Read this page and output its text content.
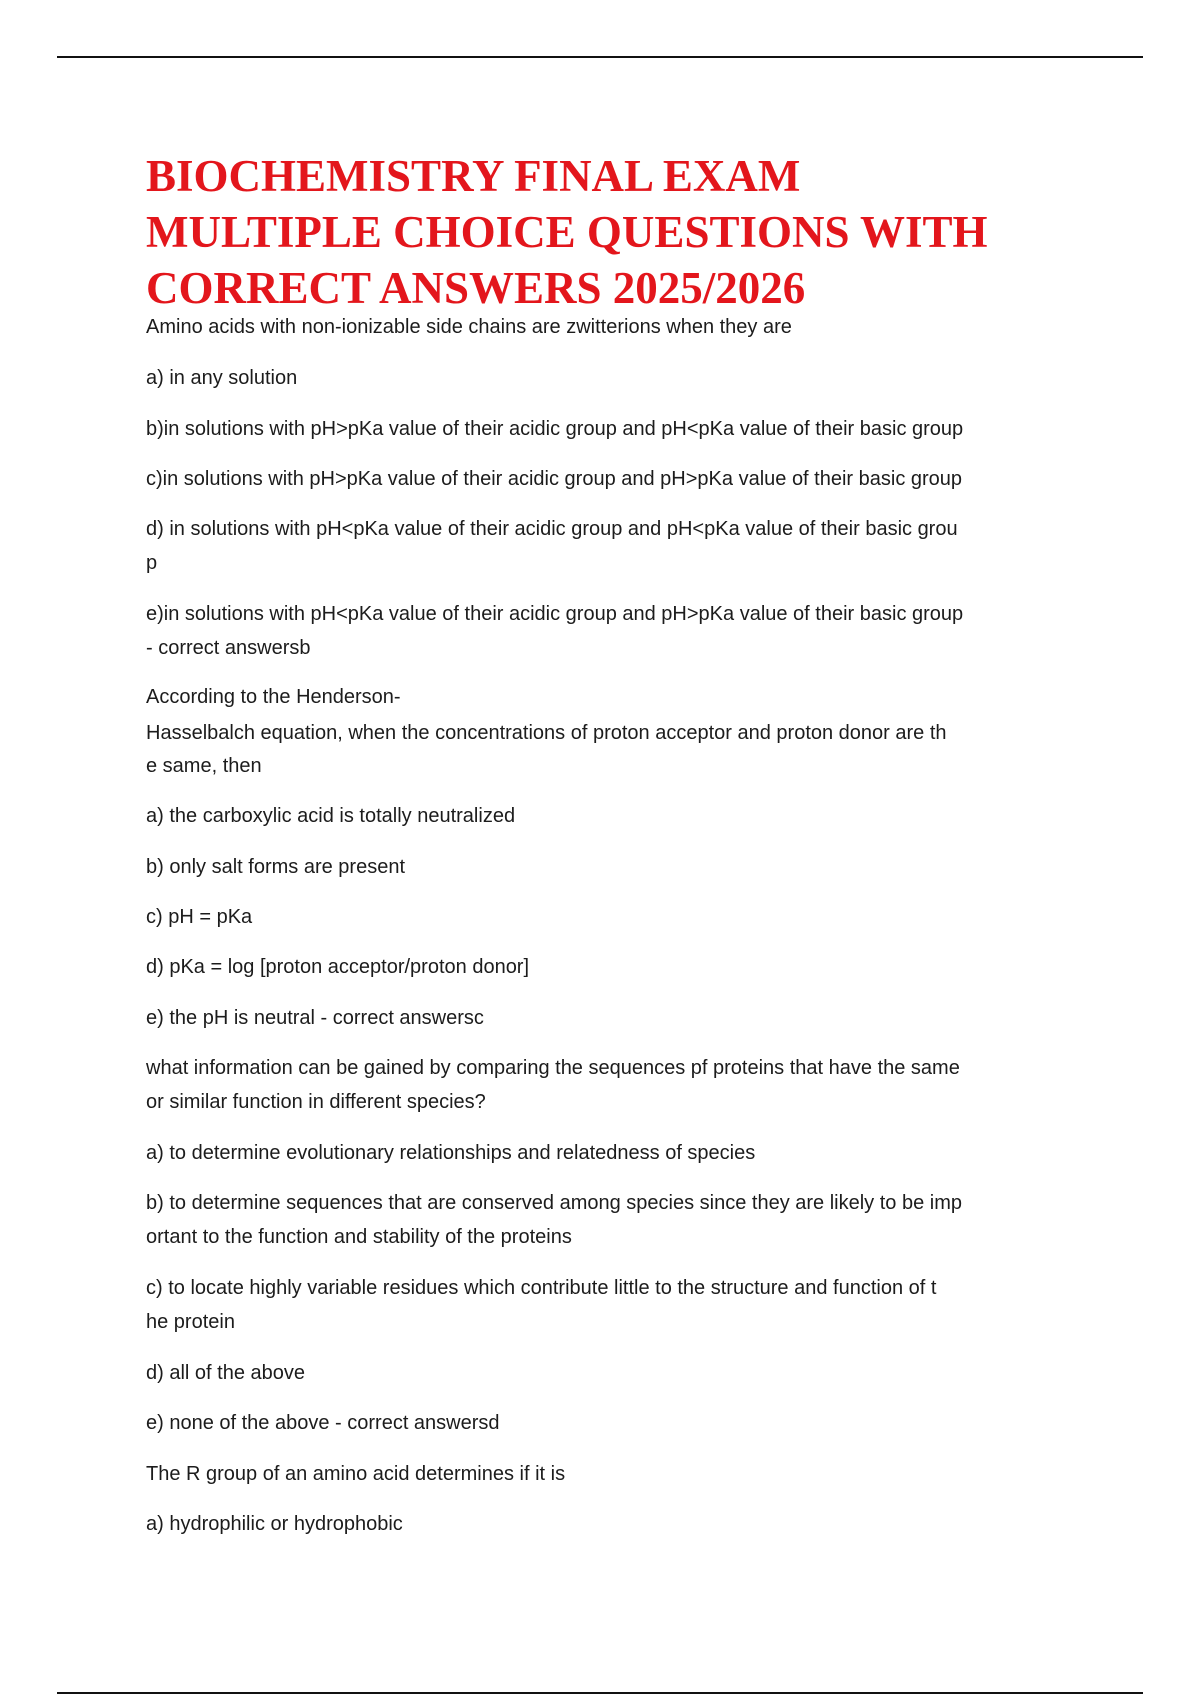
BIOCHEMISTRY FINAL EXAM
MULTIPLE CHOICE QUESTIONS WITH
CORRECT ANSWERS 2025/2026

Amino acids with non-ionizable side chains are zwitterions when they are

a) in any solution

b)in solutions with pH>pKa value of their acidic group and pH<pKa value of their basic group

c)in solutions with pH>pKa value of their acidic group and pH>pKa value of their basic group

d) in solutions with pH<pKa value of their acidic group and pH<pKa value of their basic grou

p

e)in solutions with pH<pKa value of their acidic group and pH>pKa value of their basic group

- correct answersb

According to the Henderson-

Hasselbalch equation, when the concentrations of proton acceptor and proton donor are th

e same, then

a) the carboxylic acid is totally neutralized

b) only salt forms are present

c) pH = pKa

d) pKa = log [proton acceptor/proton donor]

e) the pH is neutral - correct answersc

what information can be gained by comparing the sequences pf proteins that have the same

or similar function in different species?

a) to determine evolutionary relationships and relatedness of species

b) to determine sequences that are conserved among species since they are likely to be imp

ortant to the function and stability of the proteins

c) to locate highly variable residues which contribute little to the structure and function of t

he protein

d) all of the above

e) none of the above - correct answersd

The R group of an amino acid determines if it is

a) hydrophilic or hydrophobic
